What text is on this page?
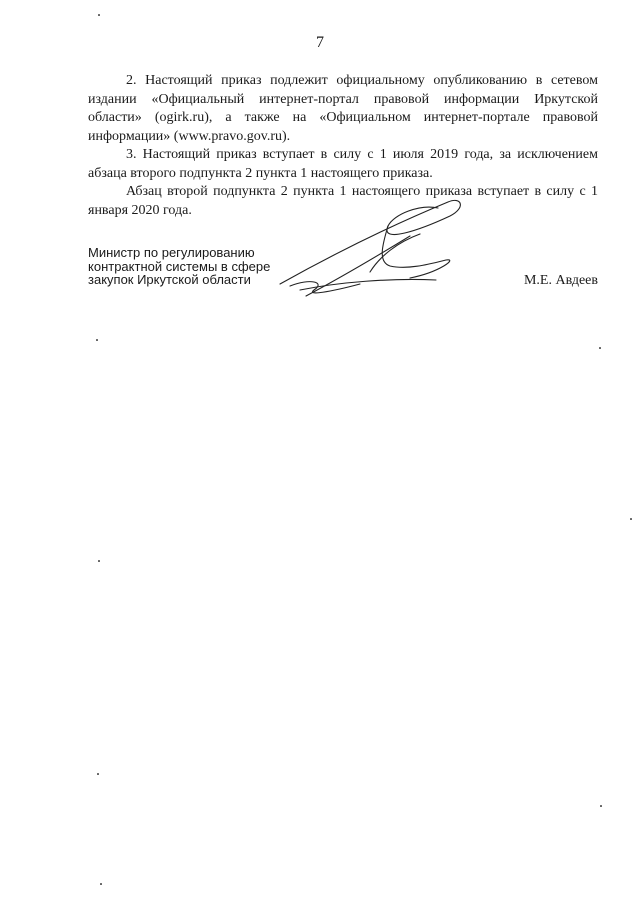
7

2. Настоящий приказ подлежит официальному опубликованию в сетевом издании «Официальный интернет-портал правовой информации Иркутской области» (ogirk.ru), а также на «Официальном интернет-портале правовой информации» (www.pravo.gov.ru).

3. Настоящий приказ вступает в силу с 1 июля 2019 года, за исключением абзаца второго подпункта 2 пункта 1 настоящего приказа.

Абзац второй подпункта 2 пункта 1 настоящего приказа вступает в силу с 1 января 2020 года.

Министр по регулированию
контрактной системы в сфере
закупок Иркутской области	М.Е. Авдеев
